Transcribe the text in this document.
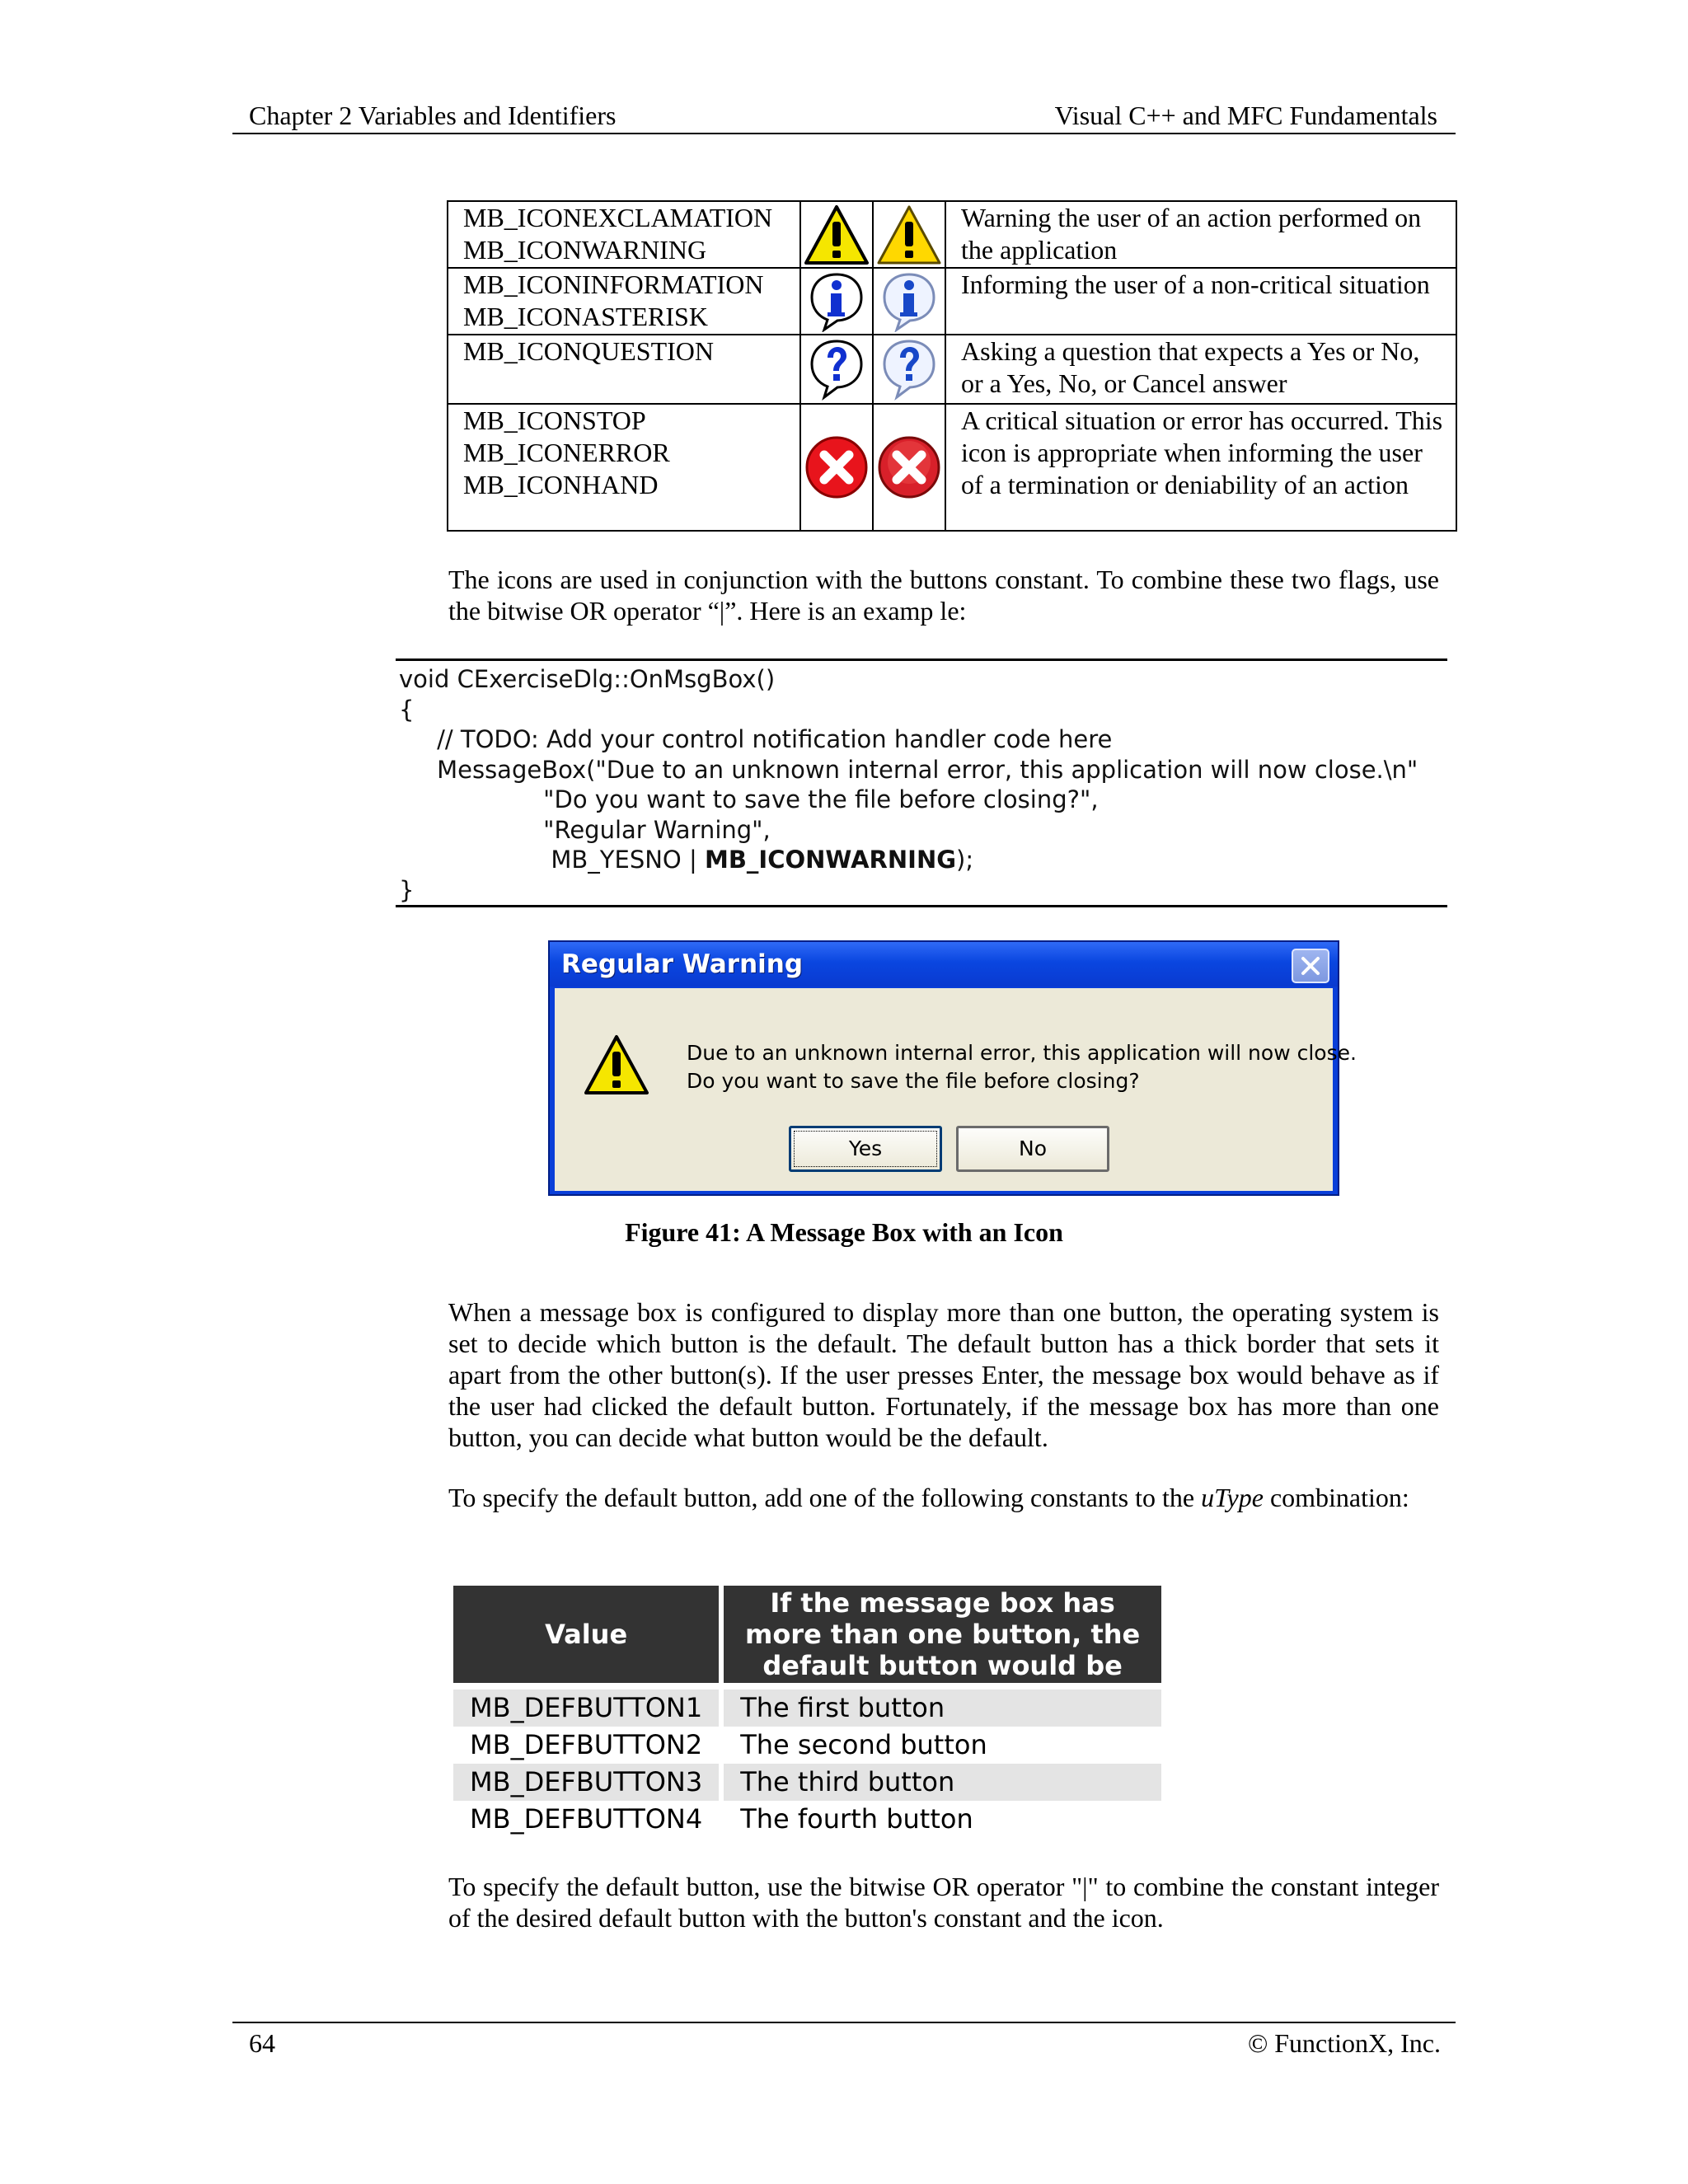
Chapter 2 Variables and Identifiers	Visual C++ and MFC Fundamentals
MB_ICONEXCLAMATION
MB_ICONWARNING			Warning the user of an action performed on the application

MB_ICONINFORMATION
MB_ICONASTERISK			Informing the user of a non-critical situation

MB_ICONQUESTION			Asking a question that expects a Yes or No, or a Yes, No, or Cancel answer

MB_ICONSTOP
MB_ICONERROR
MB_ICONHAND			A critical situation or error has occurred. This icon is appropriate when informing the user of a termination or deniability of an action
The icons are used in conjunction with the buttons constant. To combine these two flags, use the bitwise OR operator “|”. Here is an examp le:
void CExerciseDlg::OnMsgBox()
{
// TODO: Add your control notification handler code here
MessageBox("Due to an unknown internal error, this application will now close.\n"
"Do you want to save the file before closing?",
"Regular Warning",
MB_YESNO | MB_ICONWARNING);
}
Regular Warning
Due to an unknown internal error, this application will now close.
Do you want to save the file before closing?
Yes	No
Figure 41: A Message Box with an Icon
When a message box is configured to display more than one button, the operating system is set to decide which button is the default. The default button has a thick border that sets it apart from the other button(s). If the user presses Enter, the message box would behave as if the user had clicked the default button. Fortunately, if the message box has more than one button, you can decide what button would be the default.
To specify the default button, add one of the following constants to the uType combination:
Value	If the message box has more than one button, the default button would be
MB_DEFBUTTON1	The first button
MB_DEFBUTTON2	The second button
MB_DEFBUTTON3	The third button
MB_DEFBUTTON4	The fourth button
To specify the default button, use the bitwise OR operator "|" to combine the constant integer of the desired default button with the button's constant and the icon.
64	© FunctionX, Inc.
